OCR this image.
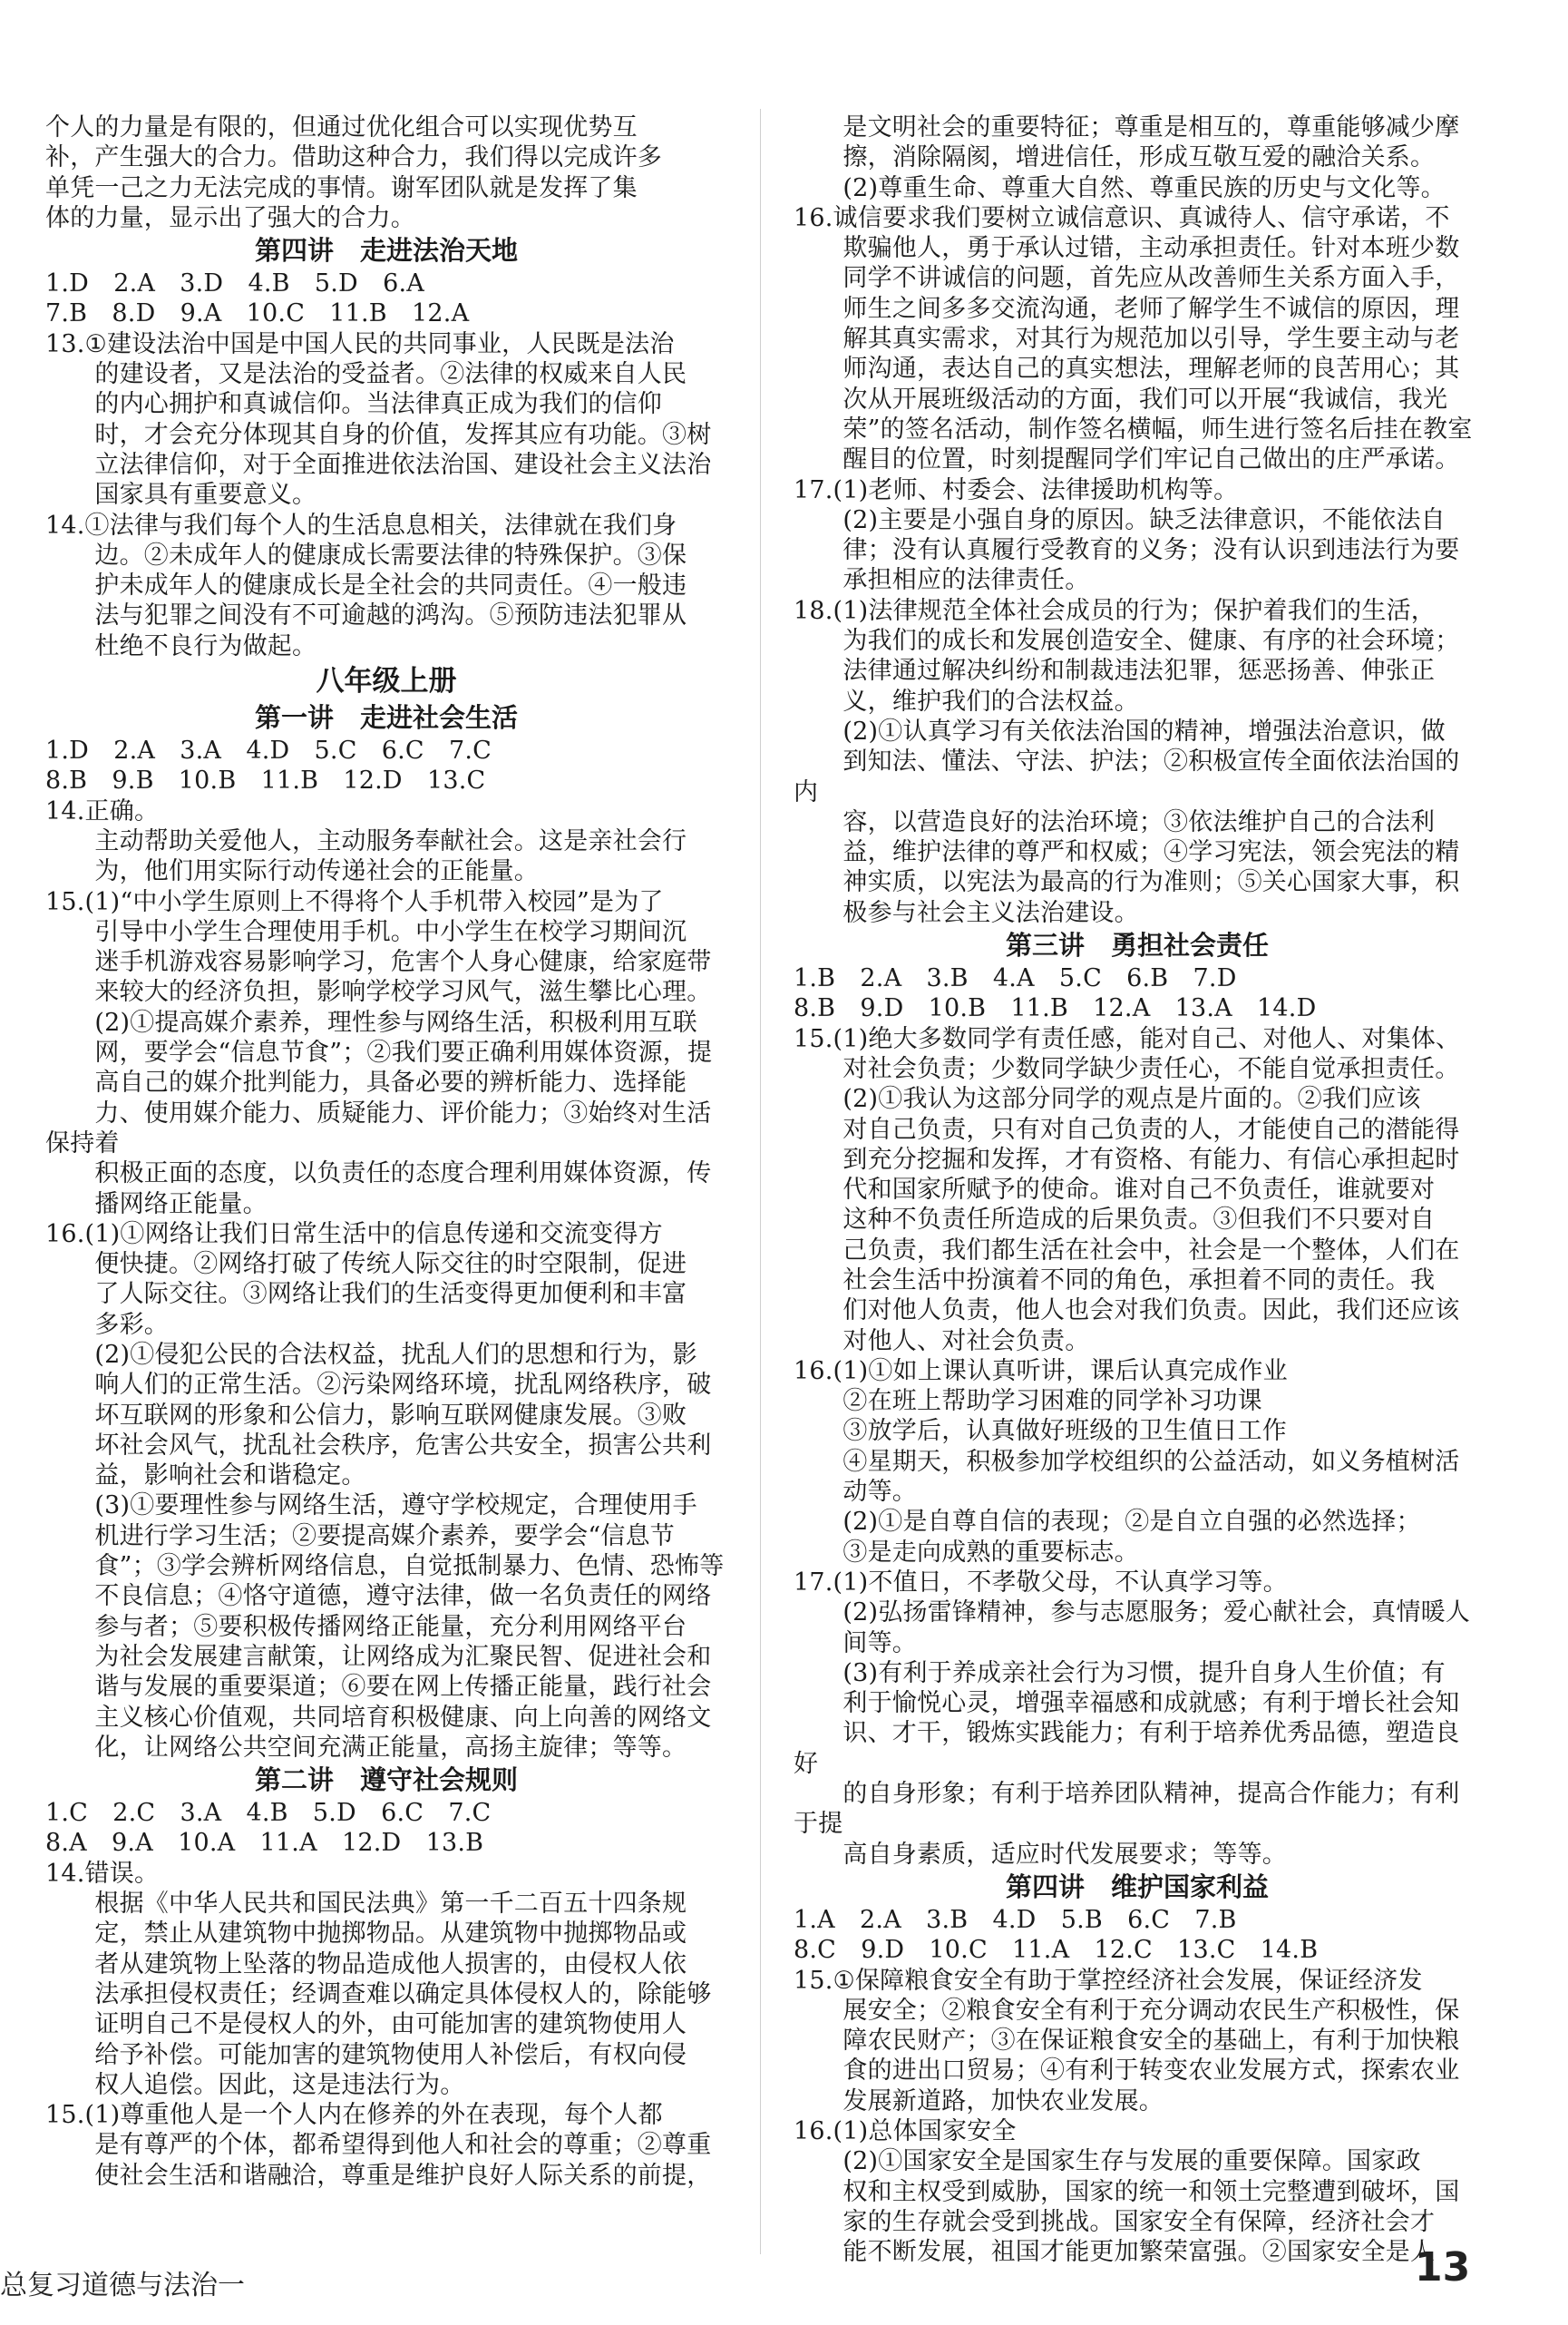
个人的力量是有限的，但通过优化组合可以实现优势互
补，产生强大的合力。借助这种合力，我们得以完成许多
单凭一己之力无法完成的事情。谢军团队就是发挥了集
体的力量，显示出了强大的合力。
第四讲　走进法治天地
1.D　2.A　3.D　4.B　5.D　6.A
7.B　8.D　9.A　10.C　11.B　12.A
13.①建设法治中国是中国人民的共同事业，人民既是法治
　　的建设者，又是法治的受益者。②法律的权威来自人民
　　的内心拥护和真诚信仰。当法律真正成为我们的信仰
　　时，才会充分体现其自身的价值，发挥其应有功能。③树
　　立法律信仰，对于全面推进依法治国、建设社会主义法治
　　国家具有重要意义。
14.①法律与我们每个人的生活息息相关，法律就在我们身
　　边。②未成年人的健康成长需要法律的特殊保护。③保
　　护未成年人的健康成长是全社会的共同责任。④一般违
　　法与犯罪之间没有不可逾越的鸿沟。⑤预防违法犯罪从
　　杜绝不良行为做起。
八年级上册
第一讲　走进社会生活
1.D　2.A　3.A　4.D　5.C　6.C　7.C
8.B　9.B　10.B　11.B　12.D　13.C
14.正确。
　　主动帮助关爱他人，主动服务奉献社会。这是亲社会行
　　为，他们用实际行动传递社会的正能量。
15.(1)“中小学生原则上不得将个人手机带入校园”是为了
　　引导中小学生合理使用手机。中小学生在校学习期间沉
　　迷手机游戏容易影响学习，危害个人身心健康，给家庭带
　　来较大的经济负担，影响学校学习风气，滋生攀比心理。
　　(2)①提高媒介素养，理性参与网络生活，积极利用互联
　　网，要学会“信息节食”；②我们要正确利用媒体资源，提
　　高自己的媒介批判能力，具备必要的辨析能力、选择能
　　力、使用媒介能力、质疑能力、评价能力；③始终对生活保持着
　　积极正面的态度，以负责任的态度合理利用媒体资源，传
　　播网络正能量。
16.(1)①网络让我们日常生活中的信息传递和交流变得方
　　便快捷。②网络打破了传统人际交往的时空限制，促进
　　了人际交往。③网络让我们的生活变得更加便利和丰富
　　多彩。
　　(2)①侵犯公民的合法权益，扰乱人们的思想和行为，影
　　响人们的正常生活。②污染网络环境，扰乱网络秩序，破
　　坏互联网的形象和公信力，影响互联网健康发展。③败
　　坏社会风气，扰乱社会秩序，危害公共安全，损害公共利
　　益，影响社会和谐稳定。
　　(3)①要理性参与网络生活，遵守学校规定，合理使用手
　　机进行学习生活；②要提高媒介素养，要学会“信息节
　　食”；③学会辨析网络信息，自觉抵制暴力、色情、恐怖等
　　不良信息；④恪守道德，遵守法律，做一名负责任的网络
　　参与者；⑤要积极传播网络正能量，充分利用网络平台
　　为社会发展建言献策，让网络成为汇聚民智、促进社会和
　　谐与发展的重要渠道；⑥要在网上传播正能量，践行社会
　　主义核心价值观，共同培育积极健康、向上向善的网络文
　　化，让网络公共空间充满正能量，高扬主旋律；等等。
第二讲　遵守社会规则
1.C　2.C　3.A　4.B　5.D　6.C　7.C
8.A　9.A　10.A　11.A　12.D　13.B
14.错误。
　　根据《中华人民共和国民法典》第一千二百五十四条规
　　定，禁止从建筑物中抛掷物品。从建筑物中抛掷物品或
　　者从建筑物上坠落的物品造成他人损害的，由侵权人依
　　法承担侵权责任；经调查难以确定具体侵权人的，除能够
　　证明自己不是侵权人的外，由可能加害的建筑物使用人
　　给予补偿。可能加害的建筑物使用人补偿后，有权向侵
　　权人追偿。因此，这是违法行为。
15.(1)尊重他人是一个人内在修养的外在表现，每个人都
　　是有尊严的个体，都希望得到他人和社会的尊重；②尊重
　　使社会生活和谐融洽，尊重是维护良好人际关系的前提，
　　是文明社会的重要特征；尊重是相互的，尊重能够减少摩
　　擦，消除隔阂，增进信任，形成互敬互爱的融洽关系。
　　(2)尊重生命、尊重大自然、尊重民族的历史与文化等。
16.诚信要求我们要树立诚信意识、真诚待人、信守承诺，不
　　欺骗他人，勇于承认过错，主动承担责任。针对本班少数
　　同学不讲诚信的问题，首先应从改善师生关系方面入手，
　　师生之间多多交流沟通，老师了解学生不诚信的原因，理
　　解其真实需求，对其行为规范加以引导，学生要主动与老
　　师沟通，表达自己的真实想法，理解老师的良苦用心；其
　　次从开展班级活动的方面，我们可以开展“我诚信，我光
　　荣”的签名活动，制作签名横幅，师生进行签名后挂在教室
　　醒目的位置，时刻提醒同学们牢记自己做出的庄严承诺。
17.(1)老师、村委会、法律援助机构等。
　　(2)主要是小强自身的原因。缺乏法律意识，不能依法自
　　律；没有认真履行受教育的义务；没有认识到违法行为要
　　承担相应的法律责任。
18.(1)法律规范全体社会成员的行为；保护着我们的生活，
　　为我们的成长和发展创造安全、健康、有序的社会环境；
　　法律通过解决纠纷和制裁违法犯罪，惩恶扬善、伸张正
　　义，维护我们的合法权益。
　　(2)①认真学习有关依法治国的精神，增强法治意识，做
　　到知法、懂法、守法、护法；②积极宣传全面依法治国的内
　　容，以营造良好的法治环境；③依法维护自己的合法利
　　益，维护法律的尊严和权威；④学习宪法，领会宪法的精
　　神实质，以宪法为最高的行为准则；⑤关心国家大事，积
　　极参与社会主义法治建设。
第三讲　勇担社会责任
1.B　2.A　3.B　4.A　5.C　6.B　7.D
8.B　9.D　10.B　11.B　12.A　13.A　14.D
15.(1)绝大多数同学有责任感，能对自己、对他人、对集体、
　　对社会负责；少数同学缺少责任心，不能自觉承担责任。
　　(2)①我认为这部分同学的观点是片面的。②我们应该
　　对自己负责，只有对自己负责的人，才能使自己的潜能得
　　到充分挖掘和发挥，才有资格、有能力、有信心承担起时
　　代和国家所赋予的使命。谁对自己不负责任，谁就要对
　　这种不负责任所造成的后果负责。③但我们不只要对自
　　己负责，我们都生活在社会中，社会是一个整体，人们在
　　社会生活中扮演着不同的角色，承担着不同的责任。我
　　们对他人负责，他人也会对我们负责。因此，我们还应该
　　对他人、对社会负责。
16.(1)①如上课认真听讲，课后认真完成作业
　　②在班上帮助学习困难的同学补习功课
　　③放学后，认真做好班级的卫生值日工作
　　④星期天，积极参加学校组织的公益活动，如义务植树活
　　动等。
　　(2)①是自尊自信的表现；②是自立自强的必然选择；
　　③是走向成熟的重要标志。
17.(1)不值日，不孝敬父母，不认真学习等。
　　(2)弘扬雷锋精神，参与志愿服务；爱心献社会，真情暖人
　　间等。
　　(3)有利于养成亲社会行为习惯，提升自身人生价值；有
　　利于愉悦心灵，增强幸福感和成就感；有利于增长社会知
　　识、才干，锻炼实践能力；有利于培养优秀品德，塑造良好
　　的自身形象；有利于培养团队精神，提高合作能力；有利于提
　　高自身素质，适应时代发展要求；等等。
第四讲　维护国家利益
1.A　2.A　3.B　4.D　5.B　6.C　7.B
8.C　9.D　10.C　11.A　12.C　13.C　14.B
15.①保障粮食安全有助于掌控经济社会发展，保证经济发
　　展安全；②粮食安全有利于充分调动农民生产积极性，保
　　障农民财产；③在保证粮食安全的基础上，有利于加快粮
　　食的进出口贸易；④有利于转变农业发展方式，探索农业
　　发展新道路，加快农业发展。
16.(1)总体国家安全
　　(2)①国家安全是国家生存与发展的重要保障。国家政
　　权和主权受到威胁，国家的统一和领土完整遭到破坏，国
　　家的生存就会受到挑战。国家安全有保障，经济社会才
　　能不断发展，祖国才能更加繁荣富强。②国家安全是人
总复习道德与法治一	13
